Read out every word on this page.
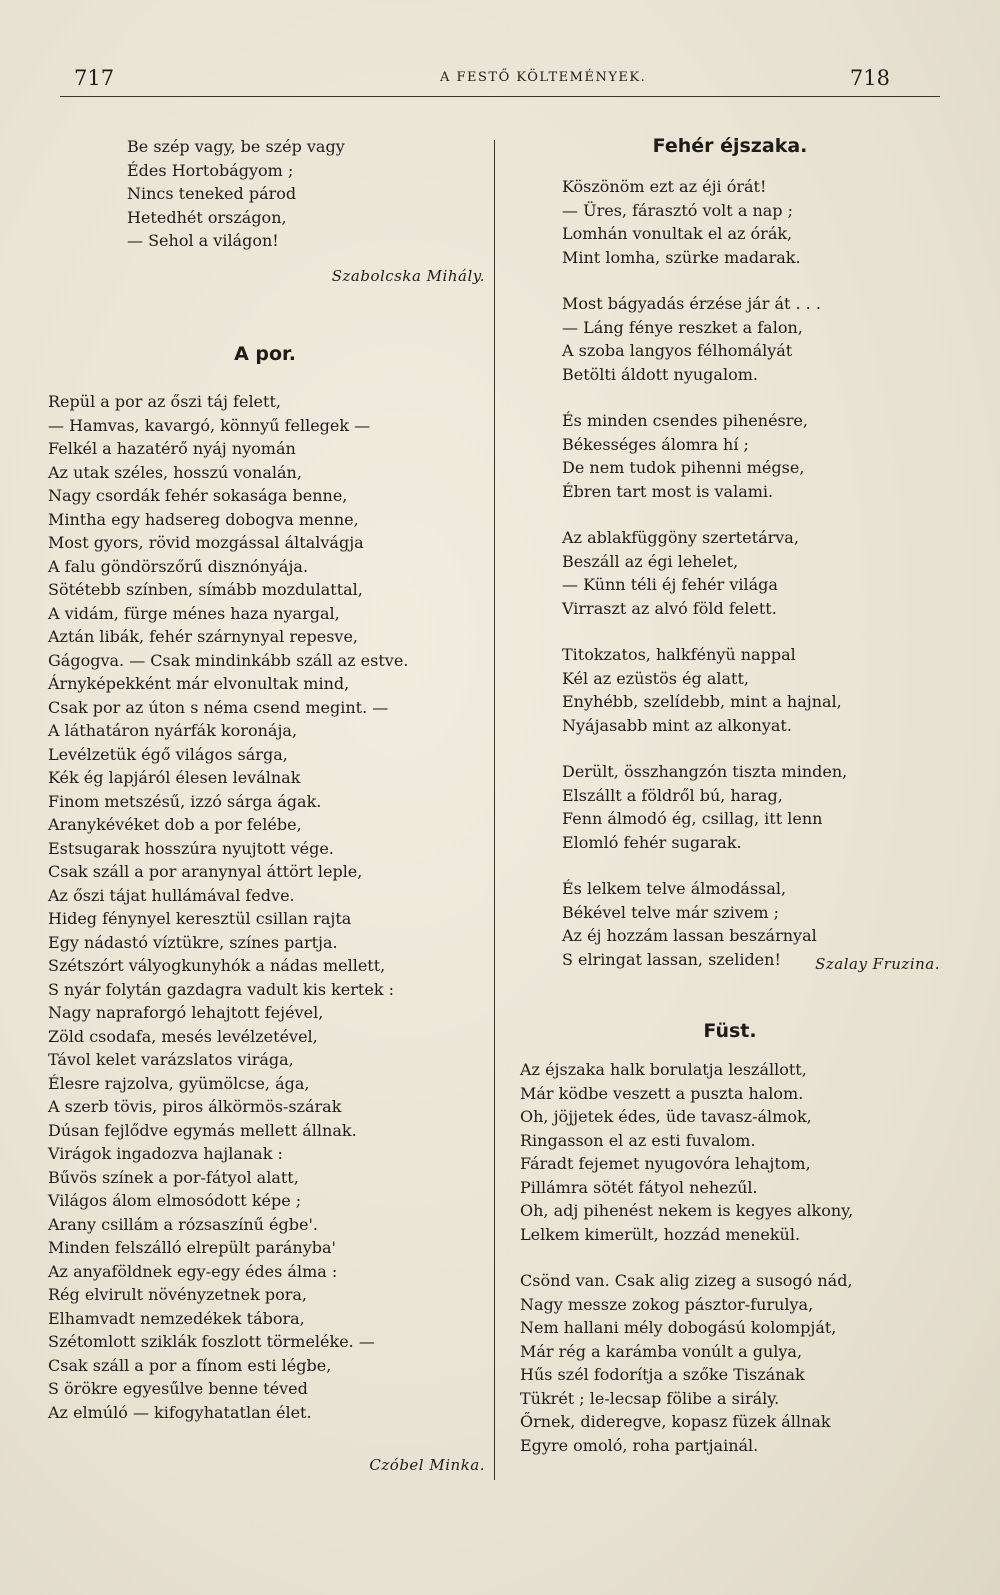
717	A FESTŐ KÖLTEMÉNYEK.	718
Be szép vagy, be szép vagy
Édes Hortobágyom ;
Nincs teneked párod
Hetedhét országon,
— Sehol a világon!
Szabolcska Mihály.
A por.
Repül a por az őszi táj felett,
— Hamvas, kavargó, könnyű fellegek —
Felkél a hazatérő nyáj nyomán
Az utak széles, hosszú vonalán,
Nagy csordák fehér sokasága benne,
Mintha egy hadsereg dobogva menne,
Most gyors, rövid mozgással általvágja
A falu göndörszőrű disznónyája.
Sötétebb színben, símább mozdulattal,
A vidám, fürge ménes haza nyargal,
Aztán libák, fehér szárnynyal repesve,
Gágogva. — Csak mindinkább száll az estve.
Árnyképekként már elvonultak mind,
Csak por az úton s néma csend megint. —
A láthatáron nyárfák koronája,
Levélzetük égő világos sárga,
Kék ég lapjáról élesen leválnak
Finom metszésű, izzó sárga ágak.
Aranykévéket dob a por felébe,
Estsugarak hosszúra nyujtott vége.
Csak száll a por aranynyal áttört leple,
Az őszi tájat hullámával fedve.
Hideg fénynyel keresztül csillan rajta
Egy nádastó víztükre, színes partja.
Szétszórt vályogkunyhók a nádas mellett,
S nyár folytán gazdagra vadult kis kertek :
Nagy napraforgó lehajtott fejével,
Zöld csodafa, mesés levélzetével,
Távol kelet varázslatos virága,
Élesre rajzolva, gyümölcse, ága,
A szerb tövis, piros álkörmös-szárak
Dúsan fejlődve egymás mellett állnak.
Virágok ingadozva hajlanak :
Bűvös színek a por-fátyol alatt,
Világos álom elmosódott képe ;
Arany csillám a rózsaszínű égbe'.
Minden felszálló elrepült parányba'
Az anyaföldnek egy-egy édes álma :
Rég elvirult növényzetnek pora,
Elhamvadt nemzedékek tábora,
Szétomlott sziklák foszlott törmeléke. —
Csak száll a por a fínom esti légbe,
S örökre egyesűlve benne téved
Az elmúló — kifogyhatatlan élet.
Czóbel Minka.
Fehér éjszaka.
Köszönöm ezt az éji órát!
— Üres, fárasztó volt a nap ;
Lomhán vonultak el az órák,
Mint lomha, szürke madarak.
Most bágyadás érzése jár át . . .
— Láng fénye reszket a falon,
A szoba langyos félhomályát
Betölti áldott nyugalom.
És minden csendes pihenésre,
Békességes álomra hí ;
De nem tudok pihenni mégse,
Ébren tart most is valami.
Az ablakfüggöny szertetárva,
Beszáll az égi lehelet,
— Künn téli éj fehér világa
Virraszt az alvó föld felett.
Titokzatos, halkfényü nappal
Kél az ezüstös ég alatt,
Enyhébb, szelídebb, mint a hajnal,
Nyájasabb mint az alkonyat.
Derült, összhangzón tiszta minden,
Elszállt a földről bú, harag,
Fenn álmodó ég, csillag, itt lenn
Elomló fehér sugarak.
És lelkem telve álmodással,
Békével telve már szivem ;
Az éj hozzám lassan beszárnyal
S elringat lassan, szeliden!	Szalay Fruzina.
Füst.
Az éjszaka halk borulatja leszállott,
Már ködbe veszett a puszta halom.
Oh, jöjjetek édes, üde tavasz-álmok,
Ringasson el az esti fuvalom.
Fáradt fejemet nyugovóra lehajtom,
Pillámra sötét fátyol nehezűl.
Oh, adj pihenést nekem is kegyes alkony,
Lelkem kimerült, hozzád menekül.
Csönd van. Csak alig zizeg a susogó nád,
Nagy messze zokog pásztor-furulya,
Nem hallani mély dobogású kolompját,
Már rég a karámba vonúlt a gulya,
Hűs szél fodorítja a szőke Tiszának
Tükrét ; le-lecsap fölibe a sirály.
Őrnek, dideregve, kopasz füzek állnak
Egyre omoló, roha partjainál.
